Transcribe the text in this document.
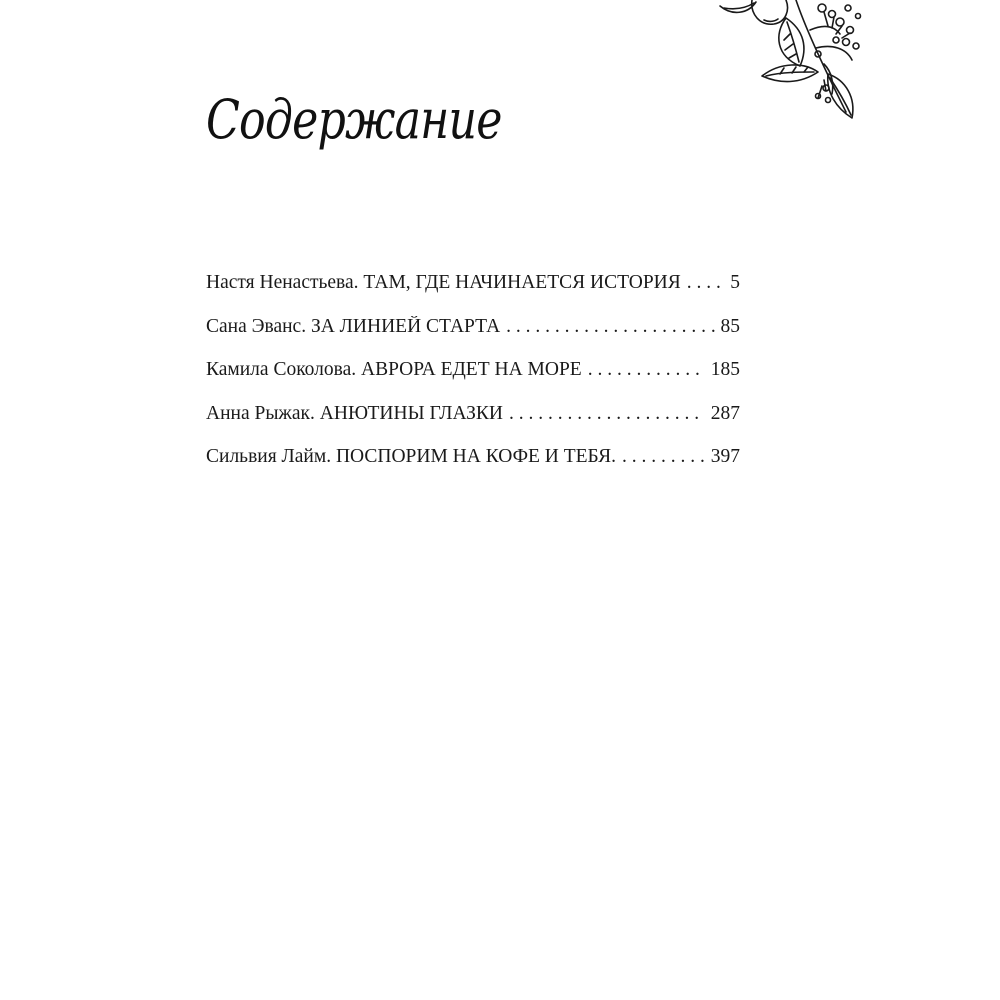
Содержание
Настя Ненастьева. ТАМ, ГДЕ НАЧИНАЕТСЯ ИСТОРИЯ . . .	5
Сана Эванс. ЗА ЛИНИЕЙ СТАРТА . . .	85
Камила Соколова. АВРОРА ЕДЕТ НА МОРЕ . . .	185
Анна Рыжак. АНЮТИНЫ ГЛАЗКИ . . .	287
Сильвия Лайм. ПОСПОРИМ НА КОФЕ И ТЕБЯ. . . .	397
